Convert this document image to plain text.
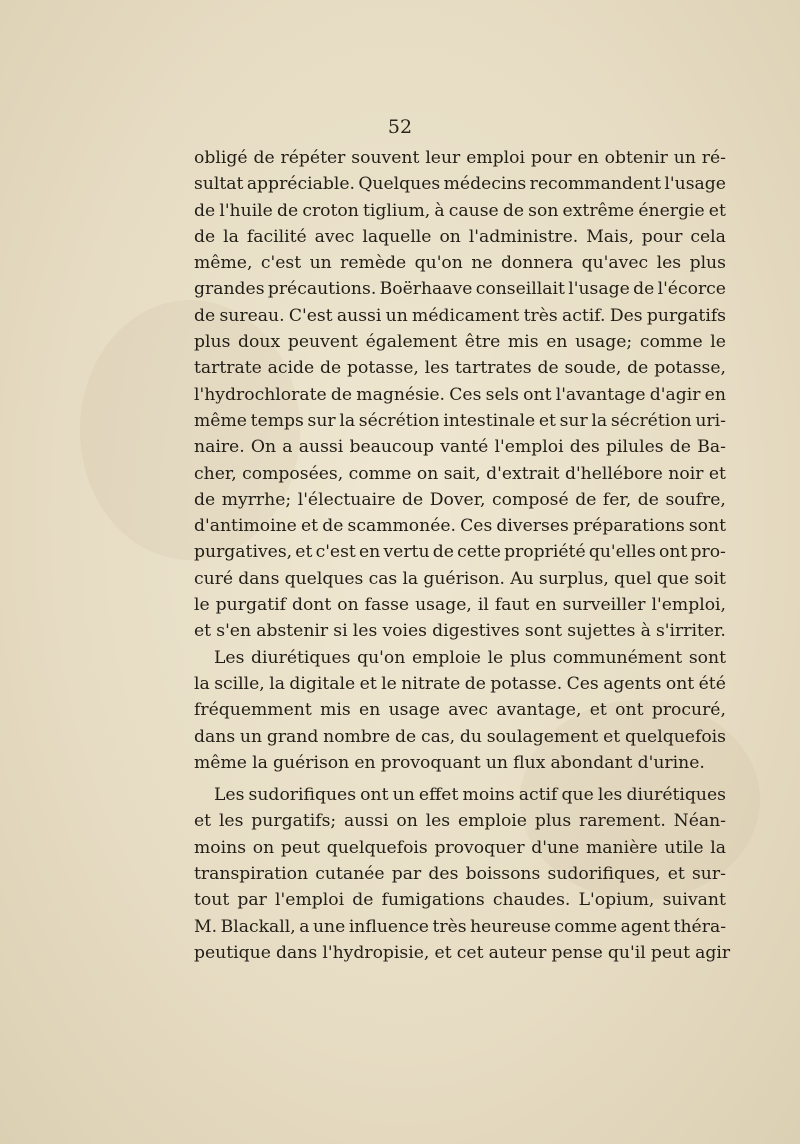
52
obligé de répéter souvent leur emploi pour en obtenir un ré-
sultat appréciable. Quelques médecins recommandent l'usage
de l'huile de croton tiglium, à cause de son extrême énergie et
de la facilité avec laquelle on l'administre. Mais, pour cela
même, c'est un remède qu'on ne donnera qu'avec les plus
grandes précautions. Boërhaave conseillait l'usage de l'écorce
de sureau. C'est aussi un médicament très actif. Des purgatifs
plus doux peuvent également être mis en usage; comme le
tartrate acide de potasse, les tartrates de soude, de potasse,
l'hydrochlorate de magnésie. Ces sels ont l'avantage d'agir en
même temps sur la sécrétion intestinale et sur la sécrétion uri-
naire. On a aussi beaucoup vanté l'emploi des pilules de Ba-
cher, composées, comme on sait, d'extrait d'hellébore noir et
de myrrhe; l'électuaire de Dover, composé de fer, de soufre,
d'antimoine et de scammonée. Ces diverses préparations sont
purgatives, et c'est en vertu de cette propriété qu'elles ont pro-
curé dans quelques cas la guérison. Au surplus, quel que soit
le purgatif dont on fasse usage, il faut en surveiller l'emploi,
et s'en abstenir si les voies digestives sont sujettes à s'irriter.
Les diurétiques qu'on emploie le plus communément sont
la scille, la digitale et le nitrate de potasse. Ces agents ont été
fréquemment mis en usage avec avantage, et ont procuré,
dans un grand nombre de cas, du soulagement et quelquefois
même la guérison en provoquant un flux abondant d'urine.
Les sudorifiques ont un effet moins actif que les diurétiques
et les purgatifs; aussi on les emploie plus rarement. Néan-
moins on peut quelquefois provoquer d'une manière utile la
transpiration cutanée par des boissons sudorifiques, et sur-
tout par l'emploi de fumigations chaudes. L'opium, suivant
M. Blackall, a une influence très heureuse comme agent théra-
peutique dans l'hydropisie, et cet auteur pense qu'il peut agir
